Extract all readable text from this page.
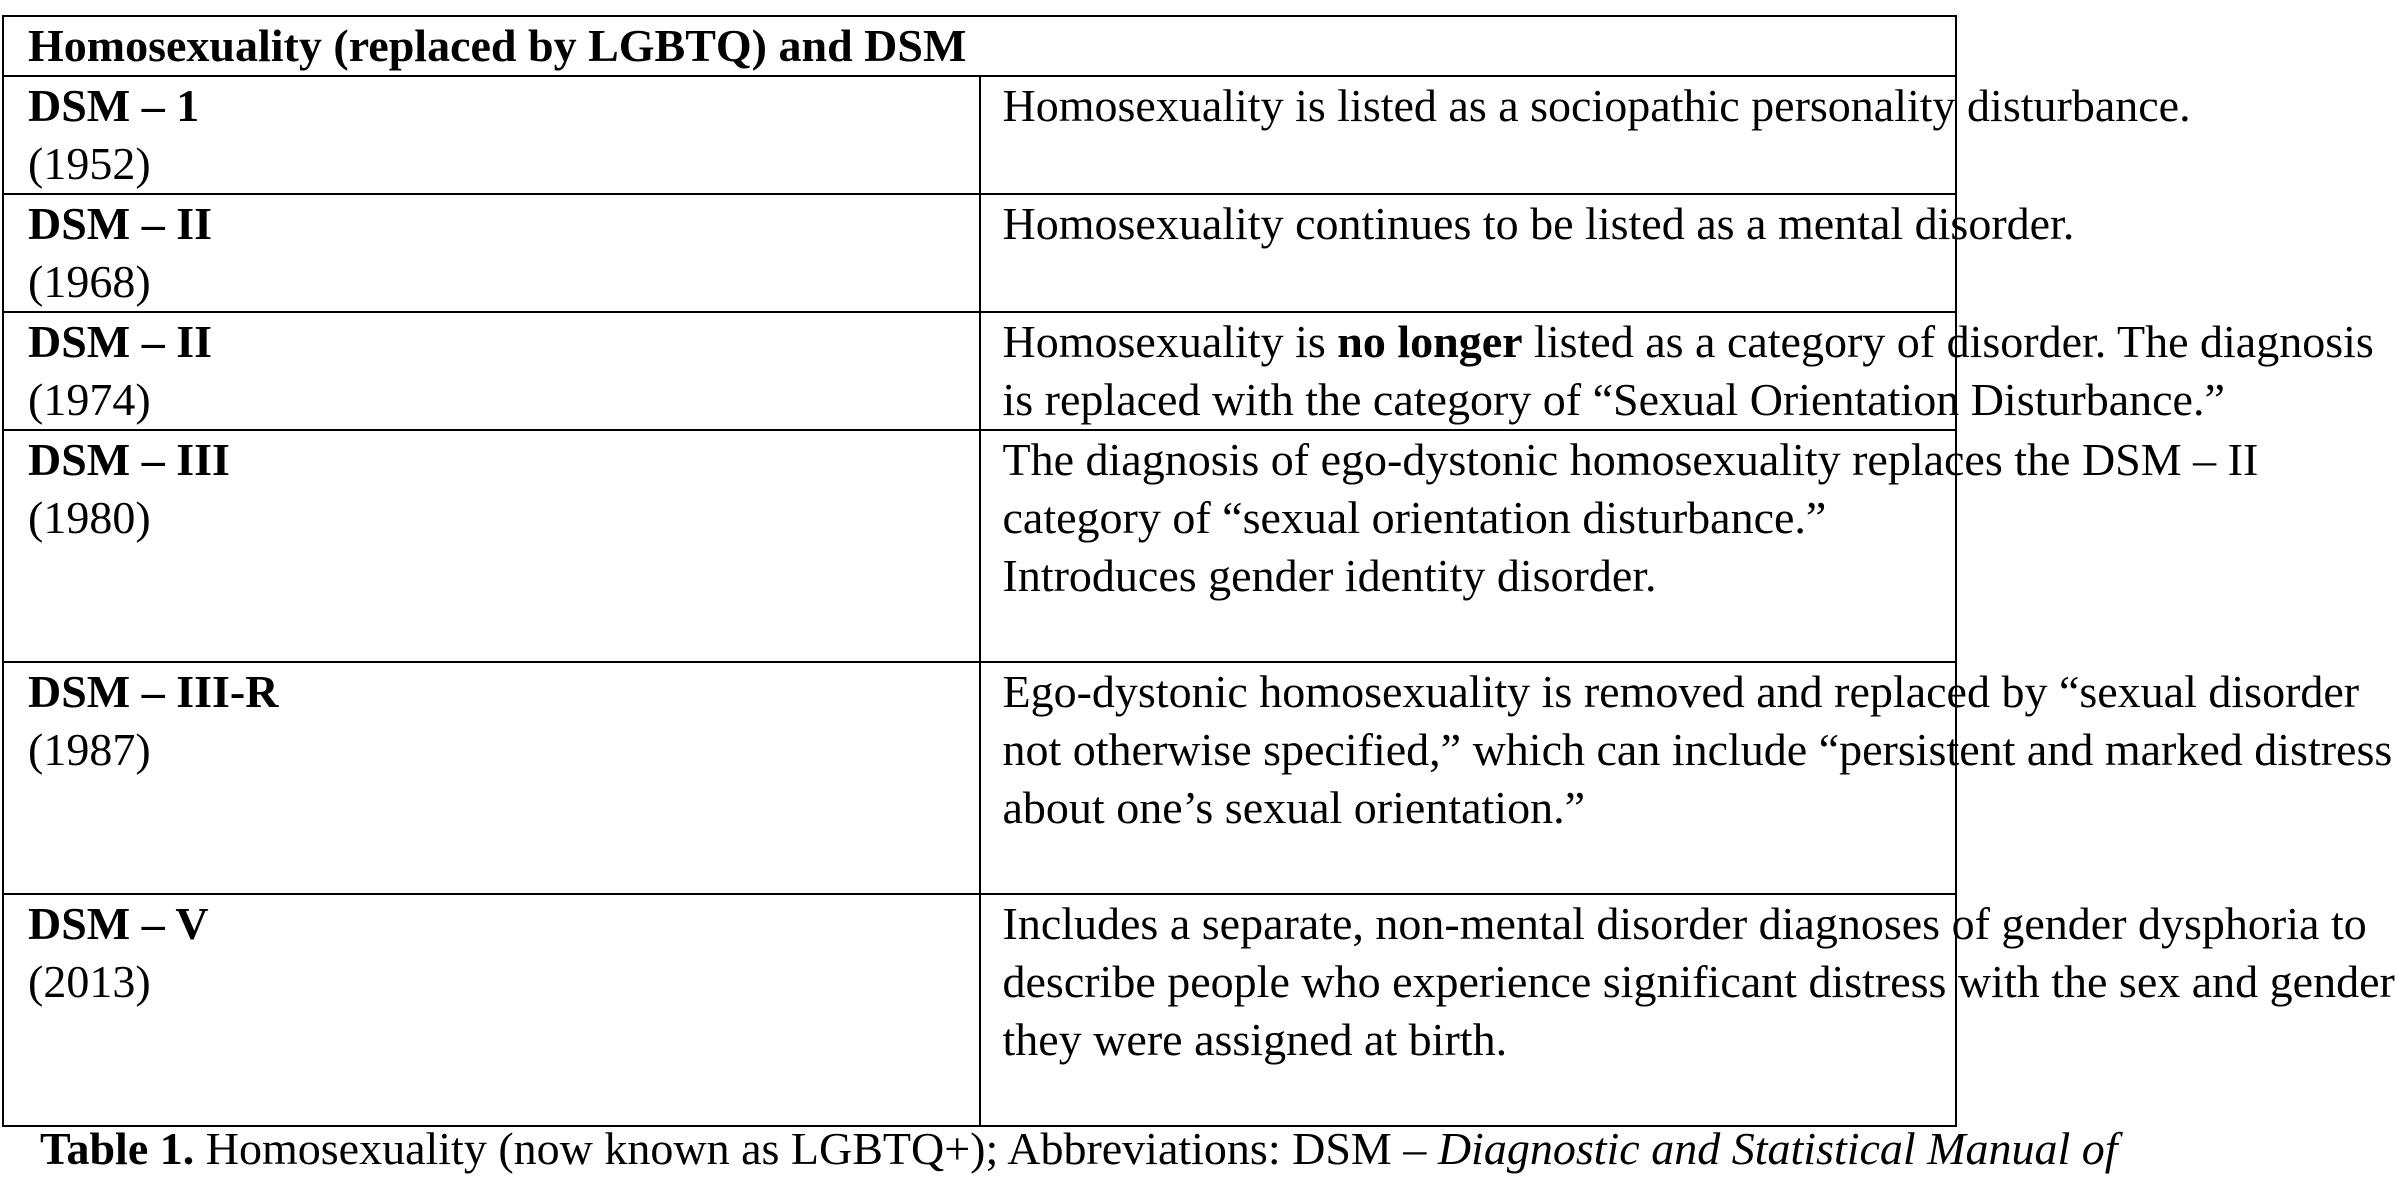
Homosexuality (replaced by LGBTQ) and DSM	

DSM – 1
(1952)	Homosexuality is listed as a sociopathic personality disturbance.

DSM – II
(1968)	Homosexuality continues to be listed as a mental disorder.

DSM – II
(1974)	Homosexuality is no longer listed as a category of disorder. The diagnosis
is replaced with the category of “Sexual Orientation Disturbance.”

DSM – III
(1980)	The diagnosis of ego-dystonic homosexuality replaces the DSM – II
category of “sexual orientation disturbance.”
Introduces gender identity disorder.

DSM – III-R
(1987)	Ego-dystonic homosexuality is removed and replaced by “sexual disorder
not otherwise specified,” which can include “persistent and marked distress
about one’s sexual orientation.”

DSM – V
(2013)	Includes a separate, non-mental disorder diagnoses of gender dysphoria to
describe people who experience significant distress with the sex and gender
they were assigned at birth.
Table 1. Homosexuality (now known as LGBTQ+); Abbreviations: DSM – Diagnostic and Statistical Manual of
